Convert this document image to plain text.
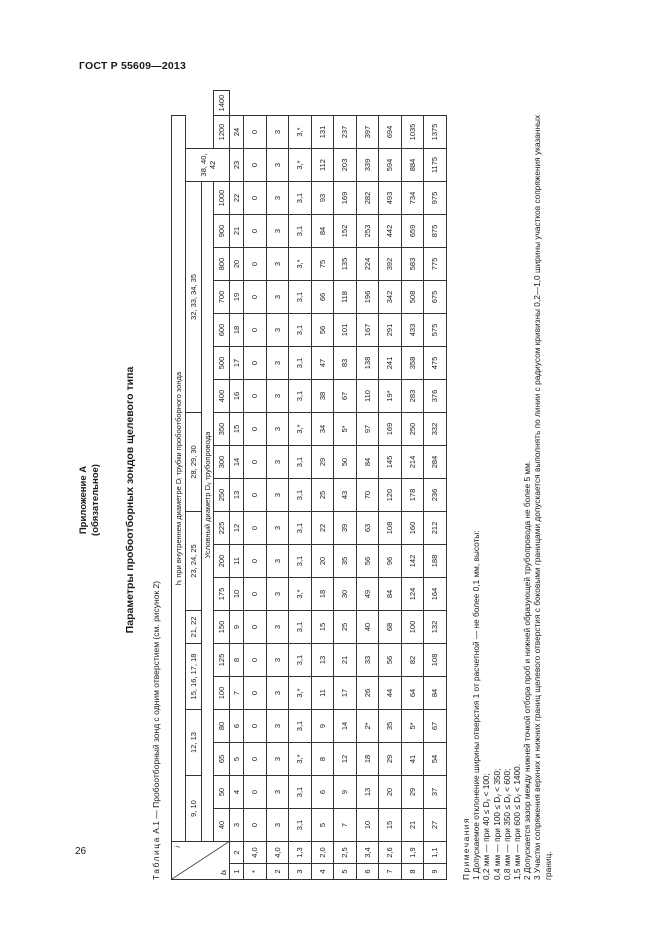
ГОСТ Р 55609—2013
26
Приложение А (обязательное) Параметры пробоотборных зондов щелевого типа
Таблица А.1 — Пробоотборный зонд с одним отверстием (см. рисунок 2)
i
bᵢ		hᵢ при внутреннем диаметре Dᵢ трубки пробоотборного зонда																						
		9, 10		12, 13		15, 16, 17, 18		21, 22	23, 24, 25			28, 29, 30			32, 33, 34, 35							38, 40, 42		
		Условный диаметр Dᵧ трубопровода																						
		40	50	65	80	100	125	150	175	200	225	250	300	350	400	500	600	700	800	900	1000		1200	1400
1	2	3	4	5	6	7	8	9	10	11	12	13	14	15	16	17	18	19	20	21	22	23	24	
*	4,0	0	0	0	0	0	0	0	0	0	0	0	0	0	0	0	0	0	0	0	0	0	0	
2	4,0	3	3	3	3	3	3	3	3	3	3	3	3	3	3	3	3	3	3	3	3	3	3	
3	1,3	3,1	3,1	3,*	3,1	3,*	3,1	3,1	3,*	3,1	3,1	3,1	3,1	3,*	3,1	3,1	3,1	3,1	3,*	3,1	3,1	3,*	3,*	
4	2,0	5	6	8	9	11	13	15	18	20	22	25	29	34	38	47	56	66	75	84	93	112	131	
5	2,5	7	9	12	14	17	21	25	30	35	39	43	50	5*	67	83	101	118	135	152	169	203	237	
6	3,4	10	13	18	2*	26	33	40	49	56	63	70	84	97	110	138	167	196	224	253	282	339	397	
7	2,6	15	20	29	35	44	56	68	84	96	108	120	145	169	19*	241	291	342	392	442	493	594	694	
8	1,9	21	29	41	5*	64	82	100	124	142	160	178	214	250	283	358	433	508	583	659	734	884	1035	
9	1,1	27	37	54	67	84	108	132	164	188	212	236	284	332	376	475	575	675	775	875	975	1175	1375	
Примечания 1 Допускаемое отклонение ширины отверстия 1 от расчетной — не более 0,1 мм, высоты: 0,2 мм — при 40 ≤ Dᵧ < 100; 0,4 мм — при 100 ≤ Dᵧ < 350; 0,8 мм — при 350 ≤ Dᵧ < 600; 1,5 мм — при 600 ≤ Dᵧ < 1400. 2 Допускается зазор между нижней точкой отбора проб и нижней образующей трубопровода не более 5 мм. 3 Участки сопряжения верхних и нижних границ щелевого отверстия с боковыми границами допускается выполнять по линии с радиусом кривизны 0,2—1,0 ширины участков сопряжения указанных границ.
